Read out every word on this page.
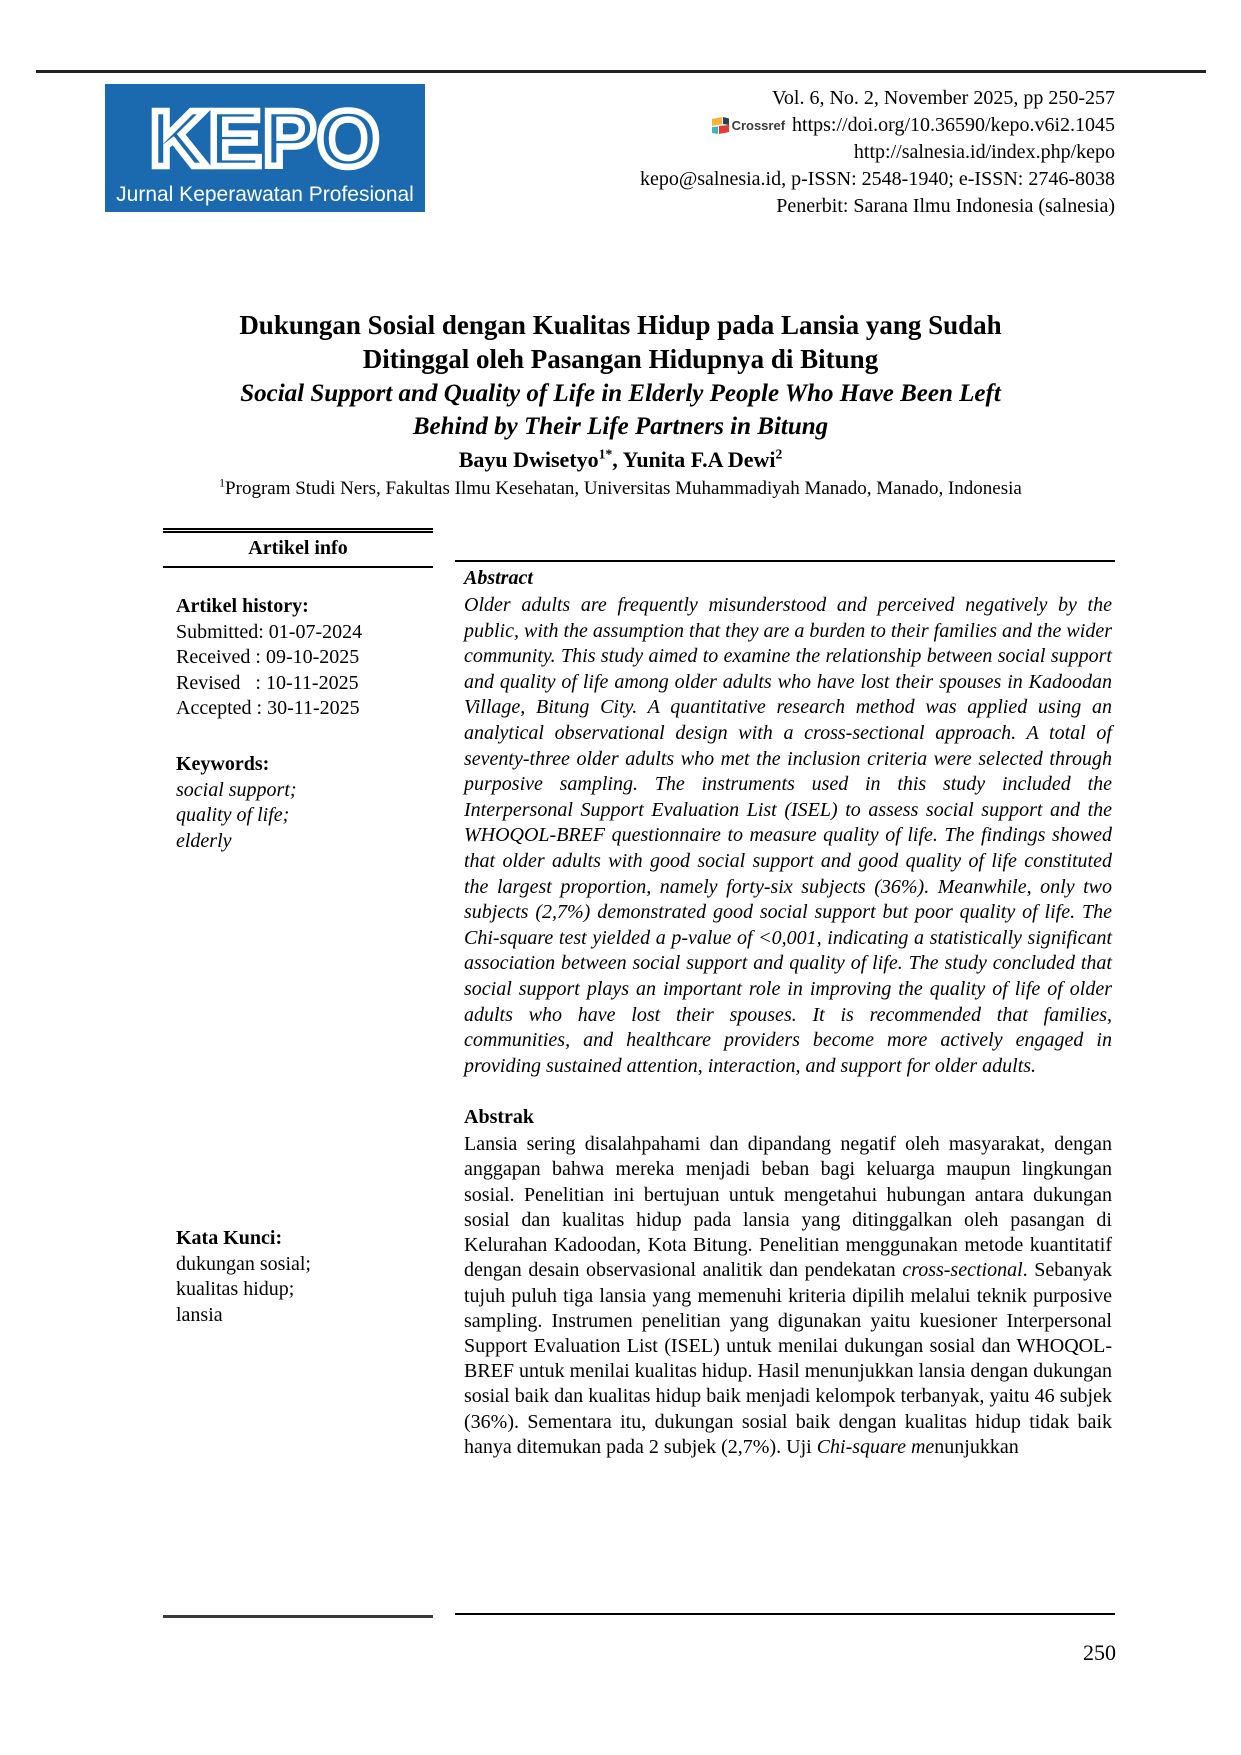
KEPO
Jurnal Keperawatan Profesional
Vol. 6, No. 2, November 2025, pp 250-257
Crossref https://doi.org/10.36590/kepo.v6i2.1045
http://salnesia.id/index.php/kepo
kepo@salnesia.id, p-ISSN: 2548-1940; e-ISSN: 2746-8038
Penerbit: Sarana Ilmu Indonesia (salnesia)
Dukungan Sosial dengan Kualitas Hidup pada Lansia yang Sudah
Ditinggal oleh Pasangan Hidupnya di Bitung
Social Support and Quality of Life in Elderly People Who Have Been Left
Behind by Their Life Partners in Bitung
Bayu Dwisetyo$^{1*}$, Yunita F.A Dewi$^2$
$^1$Program Studi Ners, Fakultas Ilmu Kesehatan, Universitas Muhammadiyah Manado, Manado, Indonesia
Artikel info
Artikel history:
Submitted: 01-07-2024
Received : 09-10-2025
Revised   : 10-11-2025
Accepted : 30-11-2025
Keywords:
social support;
quality of life;
elderly
Kata Kunci:
dukungan sosial;
kualitas hidup;
lansia
Abstract
Older adults are frequently misunderstood and perceived negatively by the public, with the assumption that they are a burden to their families and the wider community. This study aimed to examine the relationship between social support and quality of life among older adults who have lost their spouses in Kadoodan Village, Bitung City. A quantitative research method was applied using an analytical observational design with a cross-sectional approach. A total of seventy-three older adults who met the inclusion criteria were selected through purposive sampling. The instruments used in this study included the Interpersonal Support Evaluation List (ISEL) to assess social support and the WHOQOL-BREF questionnaire to measure quality of life. The findings showed that older adults with good social support and good quality of life constituted the largest proportion, namely forty-six subjects (36%). Meanwhile, only two subjects (2,7%) demonstrated good social support but poor quality of life. The Chi-square test yielded a p-value of <0,001, indicating a statistically significant association between social support and quality of life. The study concluded that social support plays an important role in improving the quality of life of older adults who have lost their spouses. It is recommended that families, communities, and healthcare providers become more actively engaged in providing sustained attention, interaction, and support for older adults.
Abstrak
Lansia sering disalahpahami dan dipandang negatif oleh masyarakat, dengan anggapan bahwa mereka menjadi beban bagi keluarga maupun lingkungan sosial. Penelitian ini bertujuan untuk mengetahui hubungan antara dukungan sosial dan kualitas hidup pada lansia yang ditinggalkan oleh pasangan di Kelurahan Kadoodan, Kota Bitung. Penelitian menggunakan metode kuantitatif dengan desain observasional analitik dan pendekatan cross-sectional. Sebanyak tujuh puluh tiga lansia yang memenuhi kriteria dipilih melalui teknik purposive sampling. Instrumen penelitian yang digunakan yaitu kuesioner Interpersonal Support Evaluation List (ISEL) untuk menilai dukungan sosial dan WHOQOL-BREF untuk menilai kualitas hidup. Hasil menunjukkan lansia dengan dukungan sosial baik dan kualitas hidup baik menjadi kelompok terbanyak, yaitu 46 subjek (36%). Sementara itu, dukungan sosial baik dengan kualitas hidup tidak baik hanya ditemukan pada 2 subjek (2,7%). Uji Chi-square menunjukkan
250
